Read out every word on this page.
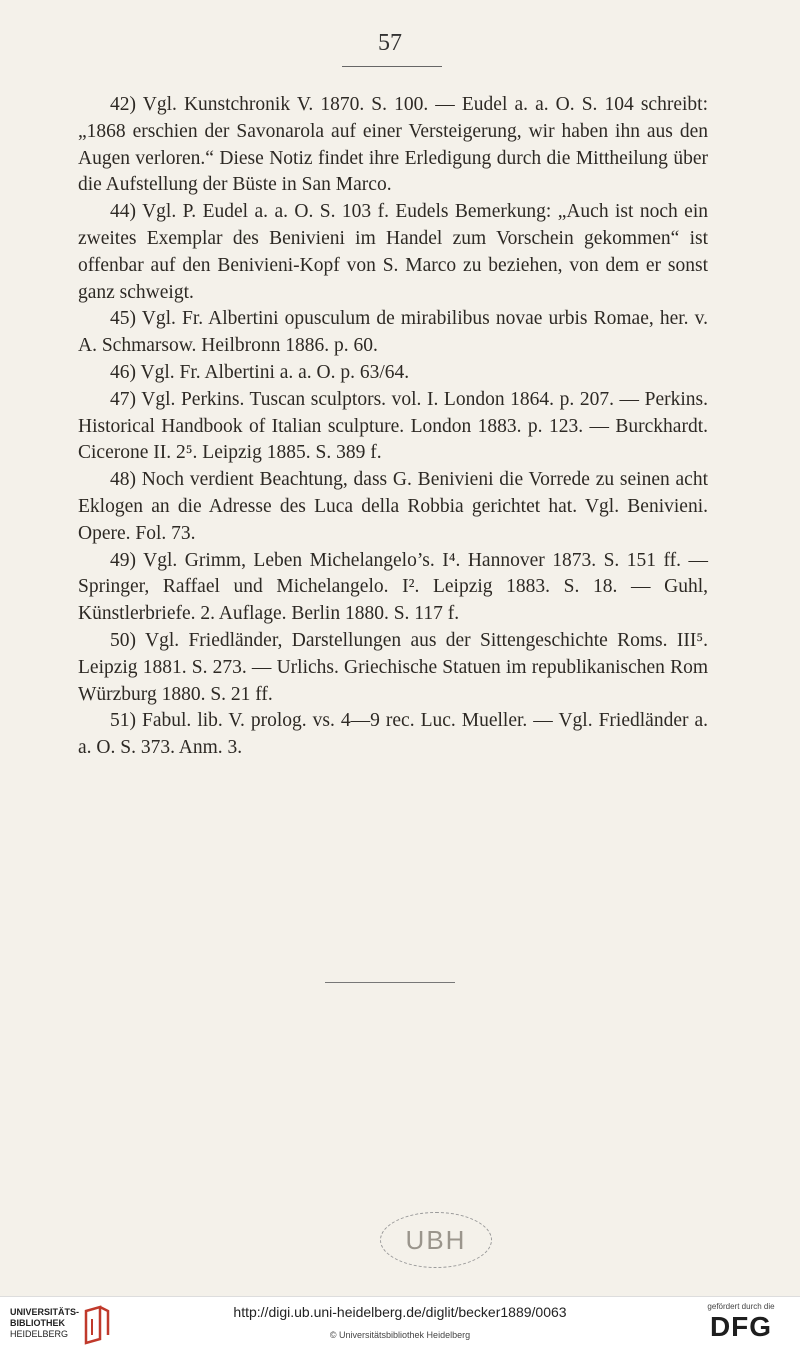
57

42) Vgl. Kunstchronik V. 1870. S. 100. — Eudel a. a. O. S. 104 schreibt: „1868 erschien der Savonarola auf einer Versteigerung, wir haben ihn aus den Augen verloren.“ Diese Notiz findet ihre Erledigung durch die Mittheilung über die Aufstellung der Büste in San Marco.

44) Vgl. P. Eudel a. a. O. S. 103 f. Eudels Bemerkung: „Auch ist noch ein zweites Exemplar des Benivieni im Handel zum Vorschein gekommen“ ist offenbar auf den Benivieni-Kopf von S. Marco zu beziehen, von dem er sonst ganz schweigt.

45) Vgl. Fr. Albertini opusculum de mirabilibus novae urbis Romae, her. v. A. Schmarsow. Heilbronn 1886. p. 60.

46) Vgl. Fr. Albertini a. a. O. p. 63/64.

47) Vgl. Perkins. Tuscan sculptors. vol. I. London 1864. p. 207. — Perkins. Historical Handbook of Italian sculpture. London 1883. p. 123. — Burckhardt. Cicerone II. 2⁵. Leipzig 1885. S. 389 f.

48) Noch verdient Beachtung, dass G. Benivieni die Vorrede zu seinen acht Eklogen an die Adresse des Luca della Robbia gerichtet hat. Vgl. Benivieni. Opere. Fol. 73.

49) Vgl. Grimm, Leben Michelangelo’s. I⁴. Hannover 1873. S. 151 ff. — Springer, Raffael und Michelangelo. I². Leipzig 1883. S. 18. — Guhl, Künstlerbriefe. 2. Auflage. Berlin 1880. S. 117 f.

50) Vgl. Friedländer, Darstellungen aus der Sittengeschichte Roms. III⁵. Leipzig 1881. S. 273. — Urlichs. Griechische Statuen im republikanischen Rom Würzburg 1880. S. 21 ff.

51) Fabul. lib. V. prolog. vs. 4—9 rec. Luc. Mueller. — Vgl. Friedländer a. a. O. S. 373. Anm. 3.

UBH
UNIVERSITÄTS-
BIBLIOTHEK
HEIDELBERG
http://digi.ub.uni-heidelberg.de/diglit/becker1889/0063
© Universitätsbibliothek Heidelberg
gefördert durch die
DFG
